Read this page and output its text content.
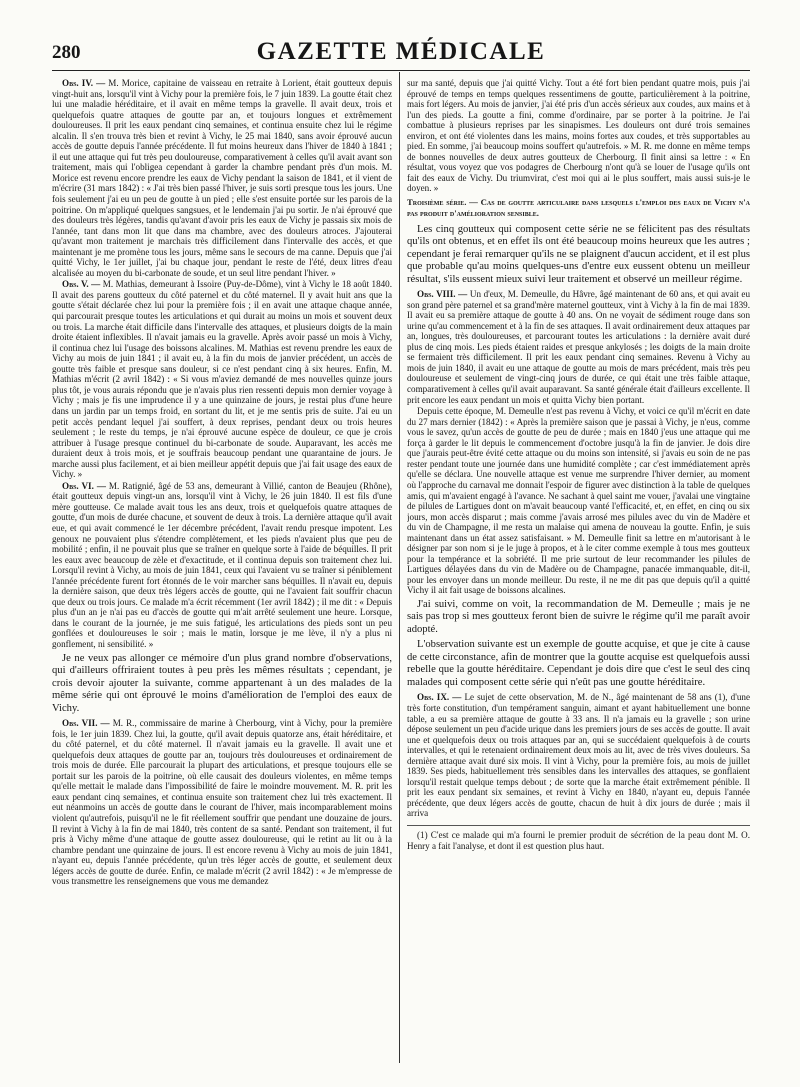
280	GAZETTE MÉDICALE

Obs. IV. — M. Morice, capitaine de vaisseau en retraite à Lorient, était goutteux depuis vingt-huit ans, lorsqu'il vint à Vichy pour la première fois, le 7 juin 1839. La goutte était chez lui une maladie héréditaire, et il avait en même temps la gravelle. Il avait deux, trois et quelquefois quatre attaques de goutte par an, et toujours longues et extrêmement douloureuses. Il prit les eaux pendant cinq semaines, et continua ensuite chez lui le régime alcalin. Il s'en trouva très bien et revint à Vichy, le 25 mai 1840, sans avoir éprouvé aucun accès de goutte depuis l'année précédente. Il fut moins heureux dans l'hiver de 1840 à 1841 ; il eut une attaque qui fut très peu douloureuse, comparativement à celles qu'il avait avant son traitement, mais qui l'obligea cependant à garder la chambre pendant près d'un mois. M. Morice est revenu encore prendre les eaux de Vichy pendant la saison de 1841, et il vient de m'écrire (31 mars 1842) : « J'ai très bien passé l'hiver, je suis sorti presque tous les jours. Une fois seulement j'ai eu un peu de goutte à un pied ; elle s'est ensuite portée sur les parois de la poitrine. On m'appliqué quelques sangsues, et le lendemain j'ai pu sortir. Je n'ai éprouvé que des douleurs très légères, tandis qu'avant d'avoir pris les eaux de Vichy je passais six mois de l'année, tant dans mon lit que dans ma chambre, avec des douleurs atroces. J'ajouterai qu'avant mon traitement je marchais très difficilement dans l'intervalle des accès, et que maintenant je me promène tous les jours, même sans le secours de ma canne. Depuis que j'ai quitté Vichy, le 1er juillet, j'ai bu chaque jour, pendant le reste de l'été, deux litres d'eau alcalisée au moyen du bi-carbonate de soude, et un seul litre pendant l'hiver. »

Obs. V. — M. Mathias, demeurant à Issoire (Puy-de-Dôme), vint à Vichy le 18 août 1840. Il avait des parens goutteux du côté paternel et du côté maternel. Il y avait huit ans que la goutte s'était déclarée chez lui pour la première fois ; il en avait une attaque chaque année, qui parcourait presque toutes les articulations et qui durait au moins un mois et souvent deux ou trois. La marche était difficile dans l'intervalle des attaques, et plusieurs doigts de la main droite étaient inflexibles. Il n'avait jamais eu la gravelle. Après avoir passé un mois à Vichy, il continua chez lui l'usage des boissons alcalines. M. Mathias est revenu prendre les eaux de Vichy au mois de juin 1841 ; il avait eu, à la fin du mois de janvier précédent, un accès de goutte très faible et presque sans douleur, si ce n'est pendant cinq à six heures. Enfin, M. Mathias m'écrit (2 avril 1842) : « Si vous m'aviez demandé de mes nouvelles quinze jours plus tôt, je vous aurais répondu que je n'avais plus rien ressenti depuis mon dernier voyage à Vichy ; mais je fis une imprudence il y a une quinzaine de jours, je restai plus d'une heure dans un jardin par un temps froid, en sortant du lit, et je me sentis pris de suite. J'ai eu un petit accès pendant lequel j'ai souffert, à deux reprises, pendant deux ou trois heures seulement ; le reste du temps, je n'ai éprouvé aucune espèce de douleur, ce que je crois attribuer à l'usage presque continuel du bi-carbonate de soude. Auparavant, les accès me duraient deux à trois mois, et je souffrais beaucoup pendant une quarantaine de jours. Je marche aussi plus facilement, et ai bien meilleur appétit depuis que j'ai fait usage des eaux de Vichy. »

Obs. VI. — M. Ratignié, âgé de 53 ans, demeurant à Villié, canton de Beaujeu (Rhône), était goutteux depuis vingt-un ans, lorsqu'il vint à Vichy, le 26 juin 1840. Il est fils d'une mère goutteuse. Ce malade avait tous les ans deux, trois et quelquefois quatre attaques de goutte, d'un mois de durée chacune, et souvent de deux à trois. La dernière attaque qu'il avait eue, et qui avait commencé le 1er décembre précédent, l'avait rendu presque impotent. Les genoux ne pouvaient plus s'étendre complètement, et les pieds n'avaient plus que peu de mobilité ; enfin, il ne pouvait plus que se traîner en quelque sorte à l'aide de béquilles. Il prit les eaux avec beaucoup de zèle et d'exactitude, et il continua depuis son traitement chez lui. Lorsqu'il revint à Vichy, au mois de juin 1841, ceux qui l'avaient vu se traîner si péniblement l'année précédente furent fort étonnés de le voir marcher sans béquilles. Il n'avait eu, depuis la dernière saison, que deux très légers accès de goutte, qui ne l'avaient fait souffrir chacun que deux ou trois jours. Ce malade m'a écrit récemment (1er avril 1842) ; il me dit : « Depuis plus d'un an je n'ai pas eu d'accès de goutte qui m'ait arrêté seulement une heure. Lorsque, dans le courant de la journée, je me suis fatigué, les articulations des pieds sont un peu gonflées et douloureuses le soir ; mais le matin, lorsque je me lève, il n'y a plus ni gonflement, ni sensibilité. »

Je ne veux pas allonger ce mémoire d'un plus grand nombre d'observations, qui d'ailleurs offriraient toutes à peu près les mêmes résultats ; cependant, je crois devoir ajouter la suivante, comme appartenant à un des malades de la même série qui ont éprouvé le moins d'amélioration de l'emploi des eaux de Vichy.

Obs. VII. — M. R., commissaire de marine à Cherbourg, vint à Vichy, pour la première fois, le 1er juin 1839. Chez lui, la goutte, qu'il avait depuis quatorze ans, était héréditaire, et du côté paternel, et du côté maternel. Il n'avait jamais eu la gravelle. Il avait une et quelquefois deux attaques de goutte par an, toujours très douloureuses et ordinairement de trois mois de durée. Elle parcourait la plupart des articulations, et presque toujours elle se portait sur les parois de la poitrine, où elle causait des douleurs violentes, en même temps qu'elle mettait le malade dans l'impossibilité de faire le moindre mouvement. M. R. prit les eaux pendant cinq semaines, et continua ensuite son traitement chez lui très exactement. Il eut néanmoins un accès de goutte dans le courant de l'hiver, mais incomparablement moins violent qu'autrefois, puisqu'il ne le fit réellement souffrir que pendant une douzaine de jours. Il revint à Vichy à la fin de mai 1840, très content de sa santé. Pendant son traitement, il fut pris à Vichy même d'une attaque de goutte assez douloureuse, qui le retint au lit ou à la chambre pendant une quinzaine de jours. Il est encore revenu à Vichy au mois de juin 1841, n'ayant eu, depuis l'année précédente, qu'un très léger accès de goutte, et seulement deux légers accès de goutte de durée. Enfin, ce malade m'écrit (2 avril 1842) : « Je m'empresse de vous transmettre les renseignemens que vous me demandez

sur ma santé, depuis que j'ai quitté Vichy. Tout a été fort bien pendant quatre mois, puis j'ai éprouvé de temps en temps quelques ressentimens de goutte, particulièrement à la poitrine, mais fort légers. Au mois de janvier, j'ai été pris d'un accès sérieux aux coudes, aux mains et à l'un des pieds. La goutte a fini, comme d'ordinaire, par se porter à la poitrine. Je l'ai combattue à plusieurs reprises par les sinapismes. Les douleurs ont duré trois semaines environ, et ont été violentes dans les mains, moins fortes aux coudes, et très supportables au pied. En somme, j'ai beaucoup moins souffert qu'autrefois. » M. R. me donne en même temps de bonnes nouvelles de deux autres goutteux de Cherbourg. Il finit ainsi sa lettre : « En résultat, vous voyez que vos podagres de Cherbourg n'ont qu'à se louer de l'usage qu'ils ont fait des eaux de Vichy. Du triumvirat, c'est moi qui ai le plus souffert, mais aussi suis-je le doyen. »

Troisième série. — Cas de goutte articulaire dans lesquels l'emploi des eaux de Vichy n'a pas produit d'amélioration sensible.

Les cinq goutteux qui composent cette série ne se félicitent pas des résultats qu'ils ont obtenus, et en effet ils ont été beaucoup moins heureux que les autres ; cependant je ferai remarquer qu'ils ne se plaignent d'aucun accident, et il est plus que probable qu'au moins quelques-uns d'entre eux eussent obtenu un meilleur résultat, s'ils eussent mieux suivi leur traitement et observé un meilleur régime.

Obs. VIII. — Un d'eux, M. Demeulle, du Hâvre, âgé maintenant de 60 ans, et qui avait eu son grand père paternel et sa grand'mère maternel goutteux, vint à Vichy à la fin de mai 1839. Il avait eu sa première attaque de goutte à 40 ans. On ne voyait de sédiment rouge dans son urine qu'au commencement et à la fin de ses attaques. Il avait ordinairement deux attaques par an, longues, très douloureuses, et parcourant toutes les articulations : la dernière avait duré plus de cinq mois. Les pieds étaient raides et presque ankylosés ; les doigts de la main droite se fermaient très difficilement. Il prit les eaux pendant cinq semaines. Revenu à Vichy au mois de juin 1840, il avait eu une attaque de goutte au mois de mars précédent, mais très peu douloureuse et seulement de vingt-cinq jours de durée, ce qui était une très faible attaque, comparativement à celles qu'il avait auparavant. Sa santé générale était d'ailleurs excellente. Il prit encore les eaux pendant un mois et quitta Vichy bien portant.

Depuis cette époque, M. Demeulle n'est pas revenu à Vichy, et voici ce qu'il m'écrit en date du 27 mars dernier (1842) : « Après la première saison que je passai à Vichy, je n'eus, comme vous le savez, qu'un accès de goutte de peu de durée ; mais en 1840 j'eus une attaque qui me força à garder le lit depuis le commencement d'octobre jusqu'à la fin de janvier. Je dois dire que j'aurais peut-être évité cette attaque ou du moins son intensité, si j'avais eu soin de ne pas rester pendant toute une journée dans une humidité complète ; car c'est immédiatement après qu'elle se déclara. Une nouvelle attaque est venue me surprendre l'hiver dernier, au moment où l'approche du carnaval me donnait l'espoir de figurer avec distinction à la table de quelques amis, qui m'avaient engagé à l'avance. Ne sachant à quel saint me vouer, j'avalai une vingtaine de pilules de Lartigues dont on m'avait beaucoup vanté l'efficacité, et, en effet, en cinq ou six jours, mon accès disparut ; mais comme j'avais arrosé mes pilules avec du vin de Madère et du vin de Champagne, il me resta un malaise qui amena de nouveau la goutte. Enfin, je suis maintenant dans un état assez satisfaisant. » M. Demeulle finit sa lettre en m'autorisant à le désigner par son nom si je le juge à propos, et à le citer comme exemple à tous mes goutteux pour la tempérance et la sobriété. Il me prie surtout de leur recommander les pilules de Lartigues délayées dans du vin de Madère ou de Champagne, panacée immanquable, dit-il, pour les envoyer dans un monde meilleur. Du reste, il ne me dit pas que depuis qu'il a quitté Vichy il ait fait usage de boissons alcalines.

J'ai suivi, comme on voit, la recommandation de M. Demeulle ; mais je ne sais pas trop si mes goutteux feront bien de suivre le régime qu'il me paraît avoir adopté.

L'observation suivante est un exemple de goutte acquise, et que je cite à cause de cette circonstance, afin de montrer que la goutte acquise est quelquefois aussi rebelle que la goutte héréditaire. Cependant je dois dire que c'est le seul des cinq malades qui composent cette série qui n'eût pas une goutte héréditaire.

Obs. IX. — Le sujet de cette observation, M. de N., âgé maintenant de 58 ans (1), d'une très forte constitution, d'un tempérament sanguin, aimant et ayant habituellement une bonne table, a eu sa première attaque de goutte à 33 ans. Il n'a jamais eu la gravelle ; son urine dépose seulement un peu d'acide urique dans les premiers jours de ses accès de goutte. Il avait une et quelquefois deux ou trois attaques par an, qui se succédaient quelquefois à de courts intervalles, et qui le retenaient ordinairement deux mois au lit, avec de très vives douleurs. Sa dernière attaque avait duré six mois. Il vint à Vichy, pour la première fois, au mois de juillet 1839. Ses pieds, habituellement très sensibles dans les intervalles des attaques, se gonflaient lorsqu'il restait quelque temps debout ; de sorte que la marche était extrêmement pénible. Il prit les eaux pendant six semaines, et revint à Vichy en 1840, n'ayant eu, depuis l'année précédente, que deux légers accès de goutte, chacun de huit à dix jours de durée ; mais il arriva

(1) C'est ce malade qui m'a fourni le premier produit de sécrétion de la peau dont M. O. Henry a fait l'analyse, et dont il est question plus haut.
